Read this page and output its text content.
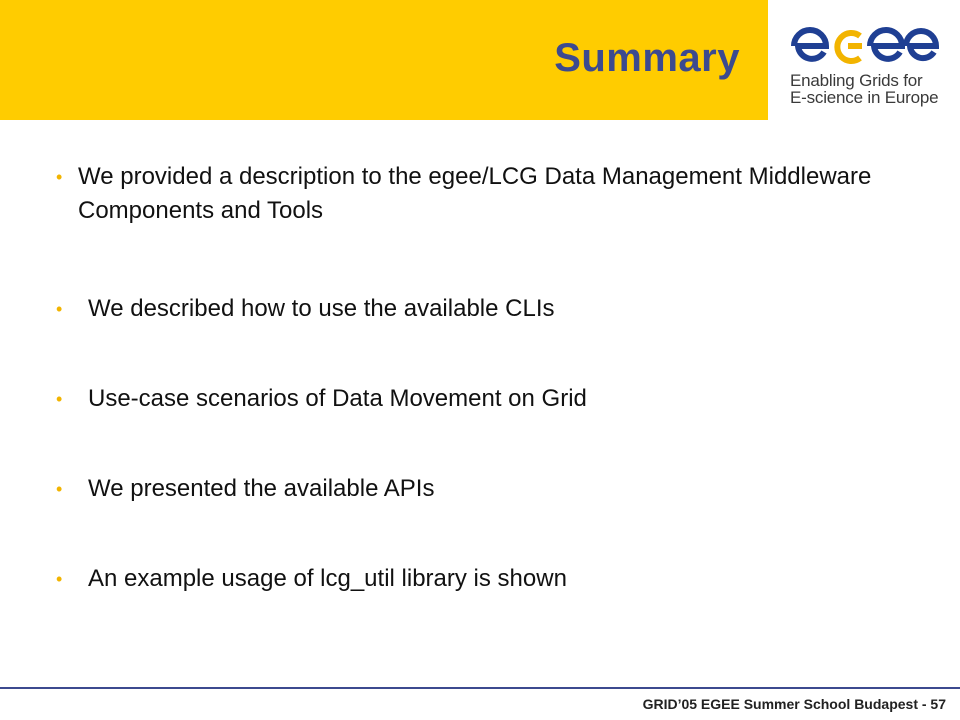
Summary
Enabling Grids for
E-science in Europe
• We provided a description to the egee/LCG Data Management Middleware Components and Tools
• We described how to use the available CLIs
• Use-case scenarios of Data Movement on Grid
• We presented the available APIs
• An example usage of lcg_util library is shown
GRID’05 EGEE Summer School Budapest - 57
